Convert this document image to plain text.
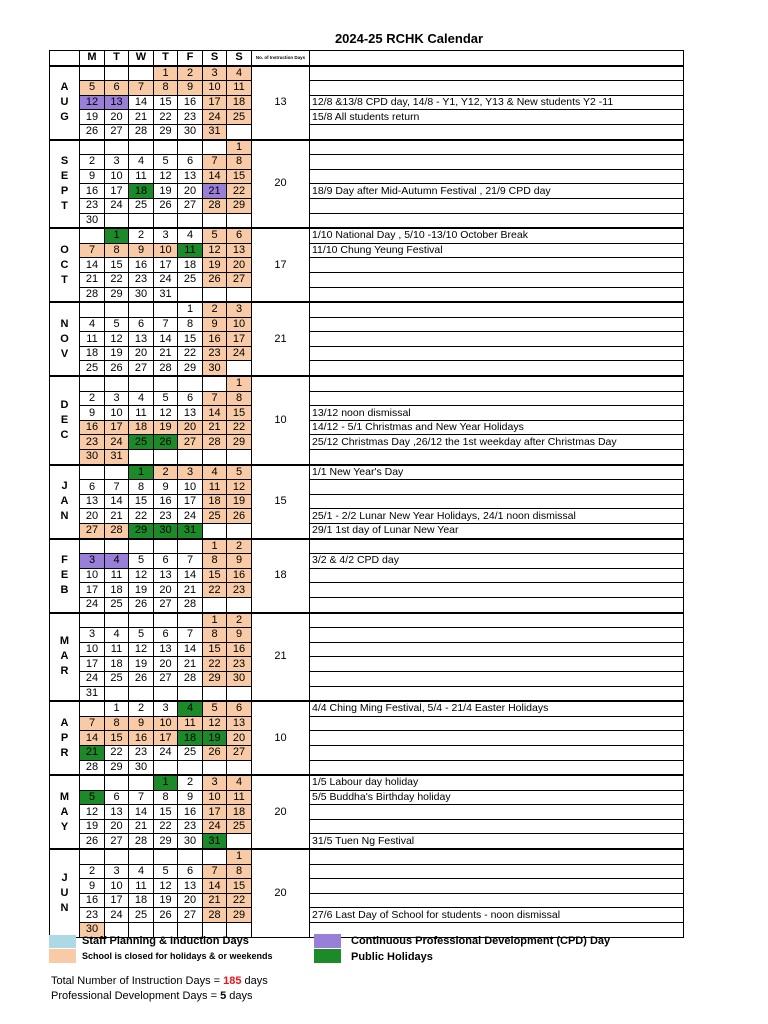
2024-25 RCHK Calendar
	M	T	W	T	F	S	S	No. of Instruction Days	
A
U
G				1	2	3	4	13	
	5	6	7	8	9	10	11		
	12	13	14	15	16	17	18		12/8 &13/8 CPD day, 14/8 - Y1, Y12, Y13 & New students Y2 -11
	19	20	21	22	23	24	25		15/8 All students return
	26	27	28	29	30	31			
S
E
P
T							1	20	
	2	3	4	5	6	7	8		
	9	10	11	12	13	14	15		
	16	17	18	19	20	21	22		18/9 Day after Mid-Autumn Festival , 21/9 CPD day
	23	24	25	26	27	28	29		
	30								
O
C
T		1	2	3	4	5	6	17	1/10 National Day , 5/10 -13/10 October Break
	7	8	9	10	11	12	13		11/10 Chung Yeung Festival
	14	15	16	17	18	19	20		
	21	22	23	24	25	26	27		
	28	29	30	31					
N
O
V					1	2	3	21	
	4	5	6	7	8	9	10		
	11	12	13	14	15	16	17		
	18	19	20	21	22	23	24		
	25	26	27	28	29	30			
D
E
C							1	10	
	2	3	4	5	6	7	8		
	9	10	11	12	13	14	15		13/12 noon dismissal
	16	17	18	19	20	21	22		14/12 - 5/1 Christmas and New Year Holidays
	23	24	25	26	27	28	29		25/12 Christmas Day ,26/12 the 1st weekday after Christmas Day
	30	31							
J
A
N			1	2	3	4	5	15	1/1 New Year's Day
	6	7	8	9	10	11	12		
	13	14	15	16	17	18	19		
	20	21	22	23	24	25	26		25/1 - 2/2 Lunar New Year Holidays, 24/1 noon dismissal
	27	28	29	30	31				29/1 1st day of Lunar New Year
F
E
B						1	2	18	
	3	4	5	6	7	8	9		3/2 & 4/2 CPD day
	10	11	12	13	14	15	16		
	17	18	19	20	21	22	23		
	24	25	26	27	28				
M
A
R						1	2	21	
	3	4	5	6	7	8	9		
	10	11	12	13	14	15	16		
	17	18	19	20	21	22	23		
	24	25	26	27	28	29	30		
	31								
A
P
R		1	2	3	4	5	6	10	4/4 Ching Ming Festival, 5/4 - 21/4 Easter Holidays
	7	8	9	10	11	12	13		
	14	15	16	17	18	19	20		
	21	22	23	24	25	26	27		
	28	29	30						
M
A
Y				1	2	3	4	20	1/5 Labour day holiday
	5	6	7	8	9	10	11		5/5 Buddha's Birthday holiday
	12	13	14	15	16	17	18		
	19	20	21	22	23	24	25		
	26	27	28	29	30	31			31/5 Tuen Ng Festival
J
U
N							1	20	
	2	3	4	5	6	7	8		
	9	10	11	12	13	14	15		
	16	17	18	19	20	21	22		
	23	24	25	26	27	28	29		27/6 Last Day of School for students - noon dismissal
	30								
Staff Planning & Induction Days
School is closed for holidays & or weekends
Continuous Professional Development (CPD) Day
Public Holidays
Total Number of Instruction Days = 185 days
Professional Development Days = 5 days
